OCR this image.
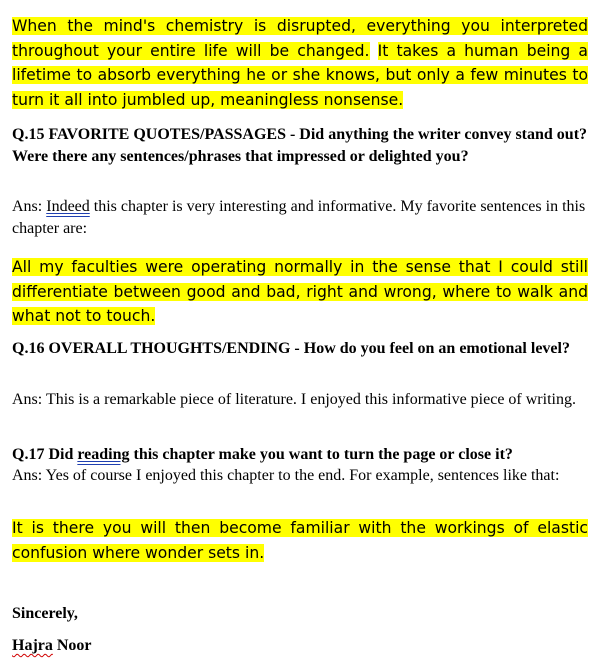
When the mind's chemistry is disrupted, everything you interpreted throughout your entire life will be changed. It takes a human being a lifetime to absorb everything he or she knows, but only a few minutes to turn it all into jumbled up, meaningless nonsense.
Q.15 FAVORITE QUOTES/PASSAGES - Did anything the writer convey stand out? Were there any sentences/phrases that impressed or delighted you?
Ans: Indeed this chapter is very interesting and informative. My favorite sentences in this chapter are:
All my faculties were operating normally in the sense that I could still differentiate between good and bad, right and wrong, where to walk and what not to touch.
Q.16 OVERALL THOUGHTS/ENDING - How do you feel on an emotional level?
Ans: This is a remarkable piece of literature. I enjoyed this informative piece of writing.
Q.17 Did reading this chapter make you want to turn the page or close it?
Ans: Yes of course I enjoyed this chapter to the end. For example, sentences like that:
It is there you will then become familiar with the workings of elastic confusion where wonder sets in.
Sincerely,
Hajra Noor
